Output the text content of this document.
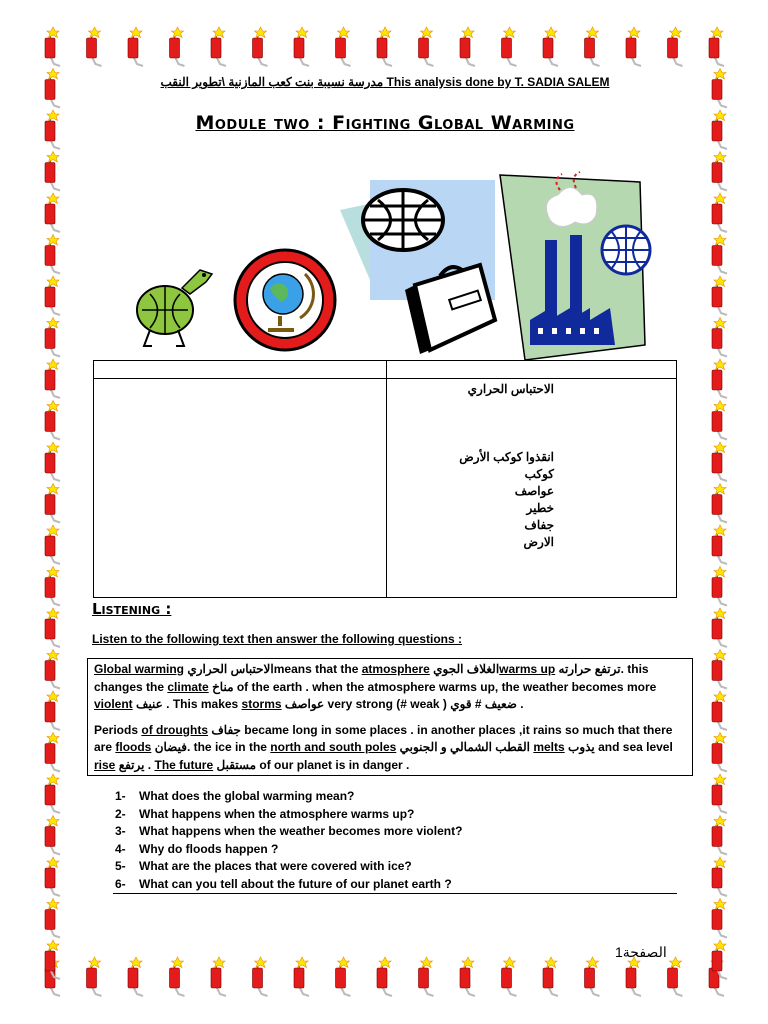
مدرسة نسيبة بنت كعب المازنية \تطوير النقب This analysis done by T. SADIA SALEM
Module two : Fighting Global Warming
الاحتباس الحراري
انقذوا كوكب الأرض
كوكب
عواصف
خطير
جفاف
الارض
Listening :
Listen to the following text then answer the following questions :

Global warming الاحتباس الحراريmeans that the atmosphere الغلاف الجويwarms up ترتفع حرارته. this changes the climate مناخ of the earth . when the atmosphere warms up, the weather becomes more violent عنيف . This makes storms عواصف very strong (# weak ) ضعيف # قوي .

Periods of droughts جفاف became long in some places . in another places ,it rains so much that there are floods فيضان. the ice in the north and south poles القطب الشمالي و الجنوبي melts يذوب and sea level rise يرتفع . The future مستقبل of our planet is in danger .

1- What does the global warming mean?
2- What happens when the atmosphere warms up?
3- What happens when the weather becomes more violent?
4- Why do floods happen ?
5- What are the places that were covered with ice?
6- What can you tell about the future of our planet earth ?
الصفحة1
